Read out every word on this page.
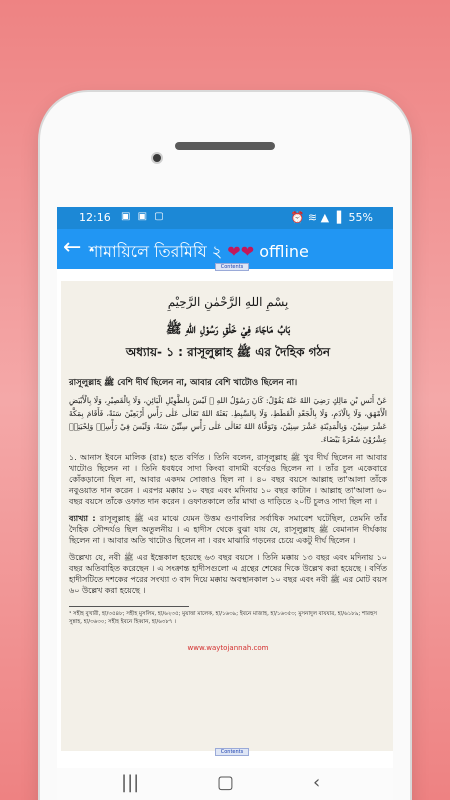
12:16 ▣ ▣ ▢	⏰ ≋ ▲ ▐ 55%
← শামায়িলে তিরমিযি ২ ❤❤ offline
Contents
بِسْمِ اللهِ الرَّحْمٰنِ الرَّحِيْمِ
بَابُ مَاجَاءَ فِيْ خَلْقِ رَسُوْلِ اللهِ ﷺ
অধ্যায়- ১ : রাসূলুল্লাহ ﷺ এর দৈহিক গঠন
রাসূলুল্লাহ ﷺ বেশি দীর্ঘ ছিলেন না, আবার বেশি খাটোও ছিলেন না।
عَنْ أَنَسِ بْنِ مَالِكٍ رَضِيَ اللهُ عَنْهُ يَقُوْلُ: كَانَ رَسُوْلُ اللهِ ﷺ لَيْسَ بِالطَّوِيْلِ الْبَائِنِ، وَلَا بِالْقَصِيْرِ، وَلَا بِالْأَبْيَضِ الْأَمْهَقِ، وَلَا بِالْآدَمِ، وَلَا بِالْجَعْدِ الْقَطَطِ، وَلَا بِالسَّبِطِ. بَعَثَهُ اللهُ تَعَالٰى عَلٰى رَأْسِ أَرْبَعِيْنَ سَنَةً، فَأَقَامَ بِمَكَّةَ عَشْرَ سِنِيْنَ، وَبِالْمَدِيْنَةِ عَشْرَ سِنِيْنَ، وَتَوَفَّاهُ اللهُ تَعَالٰى عَلٰى رَأْسِ سِتِّيْنَ سَنَةً، وَلَيْسَ فِيْ رَأْسِهٖ وَلِحْيَتِهٖ عِشْرُوْنَ شَعْرَةً بَيْضَاءَ.
১. আনাস ইবনে মালিক (রাঃ) হতে বর্ণিত । তিনি বলেন, রাসূলুল্লাহ ﷺ খুব দীর্ঘ ছিলেন না আবার খাটোও ছিলেন না । তিনি ধবধবে সাদা কিংবা বাদামী বর্ণেরও ছিলেন না । তাঁর চুল একেবারে কোঁকড়ানো ছিল না, আবার একদম সোজাও ছিল না । ৪০ বছর বয়সে আল্লাহ তা'আলা তাঁকে নবুওয়াত দান করেন । এরপর মক্কায় ১০ বছর এবং মদিনায় ১০ বছর কাটান । আল্লাহ তা'আলা ৬০ বছর বয়সে তাঁকে ওফাত দান করেন । ওফাতকালে তাঁর মাথা ও দাড়িতে ২০টি চুলও সাদা ছিল না ।
ব্যাখ্যা : রাসূলুল্লাহ ﷺ এর মাঝে যেমন উত্তম গুণাবলির সর্বাধিক সমাবেশ ঘটেছিল, তেমনি তাঁর দৈহিক সৌন্দর্যও ছিল অতুলনীয় । এ হাদীস থেকে বুঝা যায় যে, রাসূলুল্লাহ ﷺ বেমানান দীর্ঘকায় ছিলেন না । আবার অতি খাটোও ছিলেন না । বরং মাঝারি গড়নের চেয়ে একটু দীর্ঘ ছিলেন ।
উল্লেখ্য যে, নবী ﷺ এর ইন্তেকাল হয়েছে ৬৩ বছর বয়সে । তিনি মক্কায় ১৩ বছর এবং মদিনায় ১০ বছর অতিবাহিত করেছেন । এ সংক্রান্ত হাদীসগুলো এ গ্রন্থের শেষের দিকে উল্লেখ করা হয়েছে । বর্ণিত হাদীসটিতে দশকের পরের সংখ্যা ৩ বাদ দিয়ে মক্কায় অবস্থানকাল ১০ বছর এবং নবী ﷺ এর মোট বয়স ৬০ উল্লেখ করা হয়েছে ।
¹ সহীহ বুখারী, হা/৩৫৪৮; সহীহ মুসলিম, হা/৬২৩৫; মুয়াত্তা মালেক, হা/১৬৩৯; ইবনে মাজাহ, হা/১৬৩৫৩; মুসনাদুল বাযযার, হা/৬১৮৯; শারহুস সুন্নাহ, হা/৩৬৩০; সহীহ ইবনে হিব্বান, হা/৬৩৮৭ ।
www.waytojannah.com
Contents
|||	▢	‹
